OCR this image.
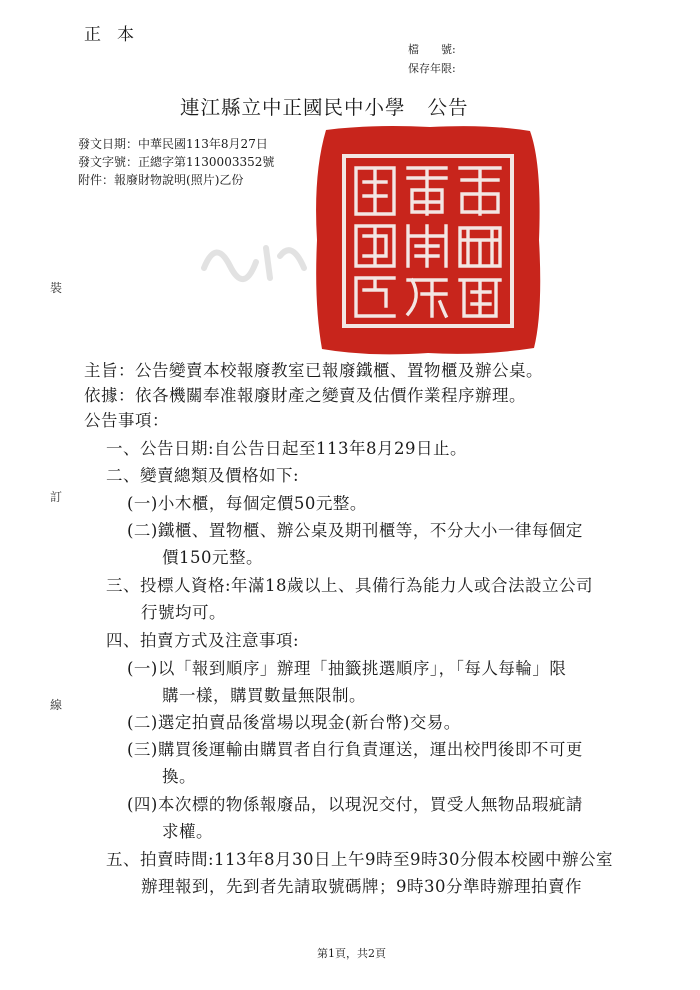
正本
檔　　號:
保存年限:
連江縣立中正國民中小學 公告
發文日期：中華民國113年8月27日
發文字號：正總字第1130003352號
附件：報廢財物說明(照片)乙份
裝
訂
線
主旨：公告變賣本校報廢教室已報廢鐵櫃、置物櫃及辦公桌。
依據：依各機關奉准報廢財產之變賣及估價作業程序辦理。
公告事項：
一、公告日期:自公告日起至113年8月29日止。
二、變賣總類及價格如下:
(一)小木櫃，每個定價50元整。
(二)鐵櫃、置物櫃、辦公桌及期刊櫃等，不分大小一律每個定
價150元整。
三、投標人資格:年滿18歲以上、具備行為能力人或合法設立公司
行號均可。
四、拍賣方式及注意事項:
(一)以「報到順序」辦理「抽籤挑選順序」，「每人每輪」限
購一樣，購買數量無限制。
(二)選定拍賣品後當場以現金(新台幣)交易。
(三)購買後運輸由購買者自行負責運送，運出校門後即不可更
換。
(四)本次標的物係報廢品，以現況交付，買受人無物品瑕疵請
求權。
五、拍賣時間:113年8月30日上午9時至9時30分假本校國中辦公室
辦理報到，先到者先請取號碼牌；9時30分準時辦理拍賣作
第1頁，共2頁
